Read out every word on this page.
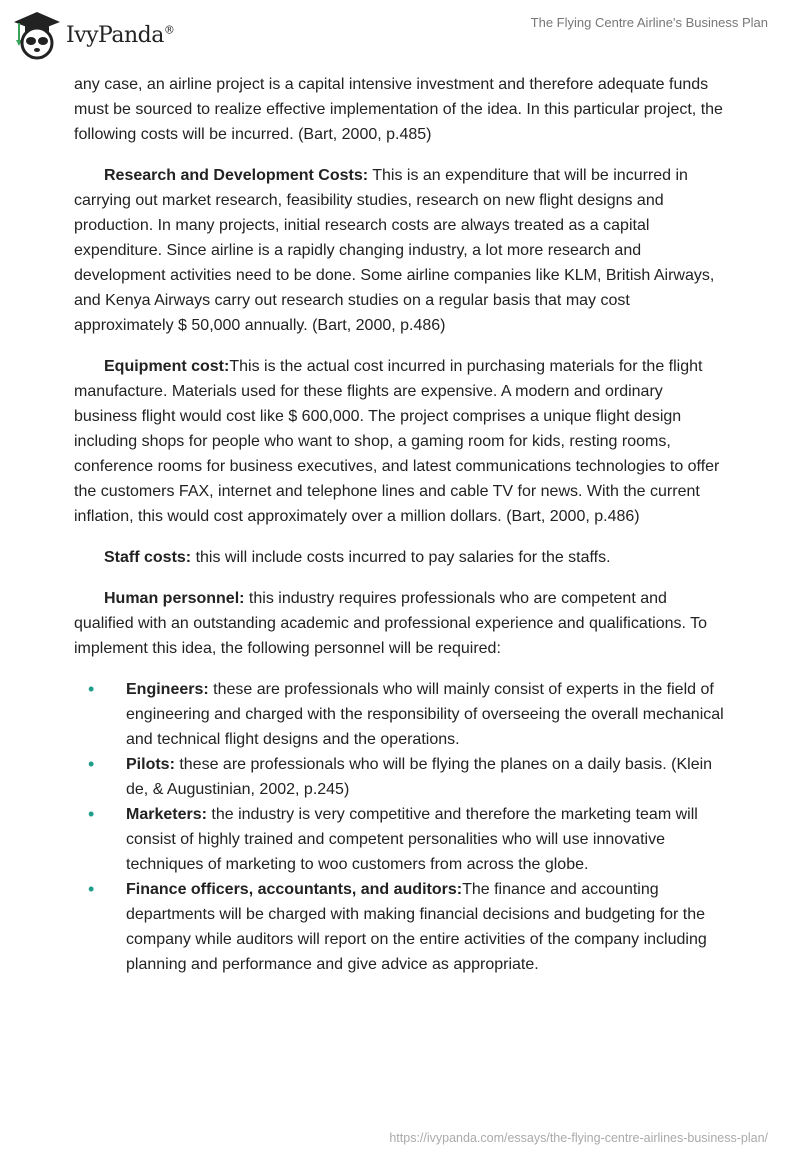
IvyPanda®	The Flying Centre Airline's Business Plan

any case, an airline project is a capital intensive investment and therefore adequate funds must be sourced to realize effective implementation of the idea. In this particular project, the following costs will be incurred. (Bart, 2000, p.485)

Research and Development Costs: This is an expenditure that will be incurred in carrying out market research, feasibility studies, research on new flight designs and production. In many projects, initial research costs are always treated as a capital expenditure. Since airline is a rapidly changing industry, a lot more research and development activities need to be done. Some airline companies like KLM, British Airways, and Kenya Airways carry out research studies on a regular basis that may cost approximately $ 50,000 annually. (Bart, 2000, p.486)

Equipment cost:This is the actual cost incurred in purchasing materials for the flight manufacture. Materials used for these flights are expensive. A modern and ordinary business flight would cost like $ 600,000. The project comprises a unique flight design including shops for people who want to shop, a gaming room for kids, resting rooms, conference rooms for business executives, and latest communications technologies to offer the customers FAX, internet and telephone lines and cable TV for news. With the current inflation, this would cost approximately over a million dollars. (Bart, 2000, p.486)

Staff costs: this will include costs incurred to pay salaries for the staffs.

Human personnel: this industry requires professionals who are competent and qualified with an outstanding academic and professional experience and qualifications. To implement this idea, the following personnel will be required:

• Engineers: these are professionals who will mainly consist of experts in the field of engineering and charged with the responsibility of overseeing the overall mechanical and technical flight designs and the operations.
• Pilots: these are professionals who will be flying the planes on a daily basis. (Klein de, & Augustinian, 2002, p.245)
• Marketers: the industry is very competitive and therefore the marketing team will consist of highly trained and competent personalities who will use innovative techniques of marketing to woo customers from across the globe.
• Finance officers, accountants, and auditors:The finance and accounting departments will be charged with making financial decisions and budgeting for the company while auditors will report on the entire activities of the company including planning and performance and give advice as appropriate.
https://ivypanda.com/essays/the-flying-centre-airlines-business-plan/
